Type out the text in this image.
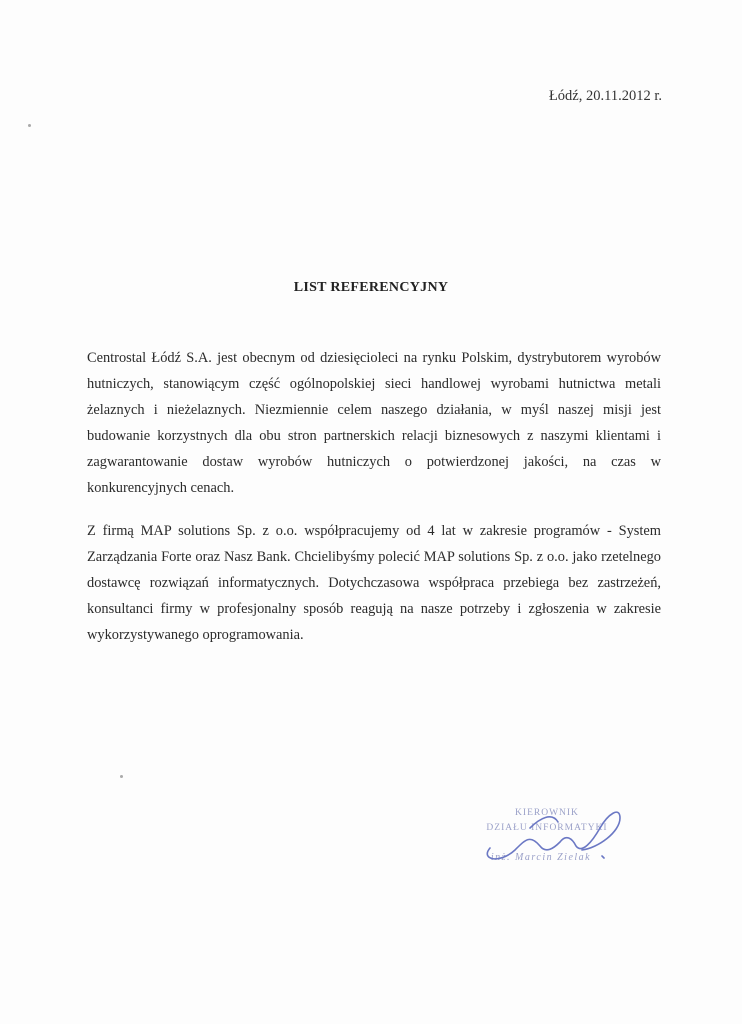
Łódź, 20.11.2012 r.
LIST REFERENCYJNY

Centrostal Łódź S.A. jest obecnym od dziesięcioleci na rynku Polskim, dystrybutorem wyrobów hutniczych, stanowiącym część ogólnopolskiej sieci handlowej wyrobami hutnictwa metali żelaznych i nieżelaznych. Niezmiennie celem naszego działania, w myśl naszej misji jest budowanie korzystnych dla obu stron partnerskich relacji biznesowych z naszymi klientami i zagwarantowanie dostaw wyrobów hutniczych o potwierdzonej jakości, na czas w konkurencyjnych cenach.

Z firmą MAP solutions Sp. z o.o. współpracujemy od 4 lat w zakresie programów - System Zarządzania Forte oraz Nasz Bank. Chcielibyśmy polecić MAP solutions Sp. z o.o. jako rzetelnego dostawcę rozwiązań informatycznych. Dotychczasowa współpraca przebiega bez zastrzeżeń, konsultanci firmy w profesjonalny sposób reagują na nasze potrzeby i zgłoszenia w zakresie wykorzystywanego oprogramowania.

KIEROWNIK
DZIAŁU INFORMATYKI
inż. Marcin Zielak
